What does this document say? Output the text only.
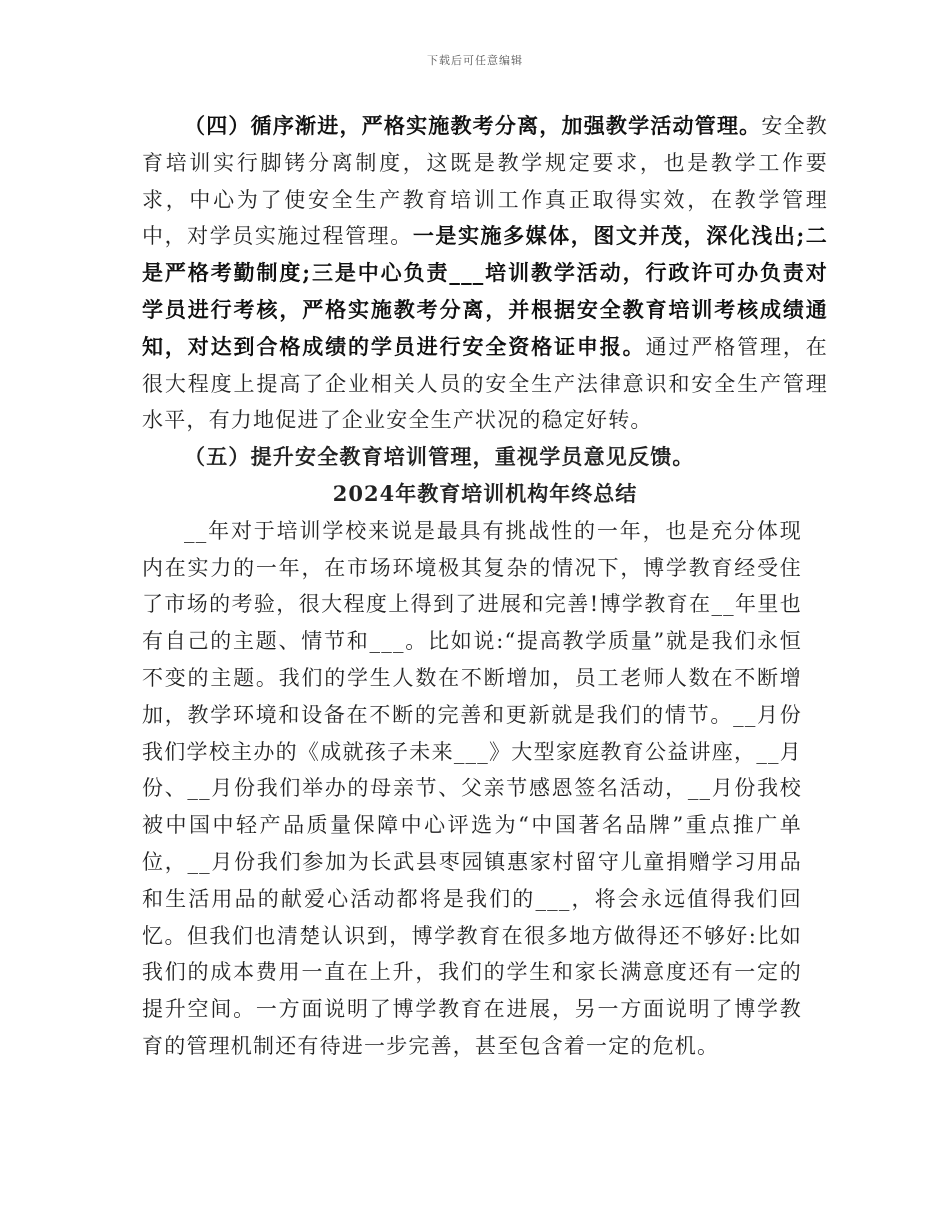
下载后可任意编辑

（四）循序渐进，严格实施教考分离，加强教学活动管理。安全教育培训实行脚铐分离制度，这既是教学规定要求，也是教学工作要求，中心为了使安全生产教育培训工作真正取得实效，在教学管理中，对学员实施过程管理。一是实施多媒体，图文并茂，深化浅出;二是严格考勤制度;三是中心负责___培训教学活动，行政许可办负责对学员进行考核，严格实施教考分离，并根据安全教育培训考核成绩通知，对达到合格成绩的学员进行安全资格证申报。通过严格管理，在很大程度上提高了企业相关人员的安全生产法律意识和安全生产管理水平，有力地促进了企业安全生产状况的稳定好转。

（五）提升安全教育培训管理，重视学员意见反馈。

2024年教育培训机构年终总结

__年对于培训学校来说是最具有挑战性的一年，也是充分体现内在实力的一年，在市场环境极其复杂的情况下，博学教育经受住了市场的考验，很大程度上得到了进展和完善!博学教育在__年里也有自己的主题、情节和___。比如说:“提高教学质量”就是我们永恒不变的主题。我们的学生人数在不断增加，员工老师人数在不断增加，教学环境和设备在不断的完善和更新就是我们的情节。__月份我们学校主办的《成就孩子未来___》大型家庭教育公益讲座，__月份、__月份我们举办的母亲节、父亲节感恩签名活动，__月份我校被中国中轻产品质量保障中心评选为“中国著名品牌”重点推广单位，__月份我们参加为长武县枣园镇惠家村留守儿童捐赠学习用品和生活用品的献爱心活动都将是我们的___，将会永远值得我们回忆。但我们也清楚认识到，博学教育在很多地方做得还不够好:比如我们的成本费用一直在上升，我们的学生和家长满意度还有一定的提升空间。一方面说明了博学教育在进展，另一方面说明了博学教育的管理机制还有待进一步完善，甚至包含着一定的危机。
